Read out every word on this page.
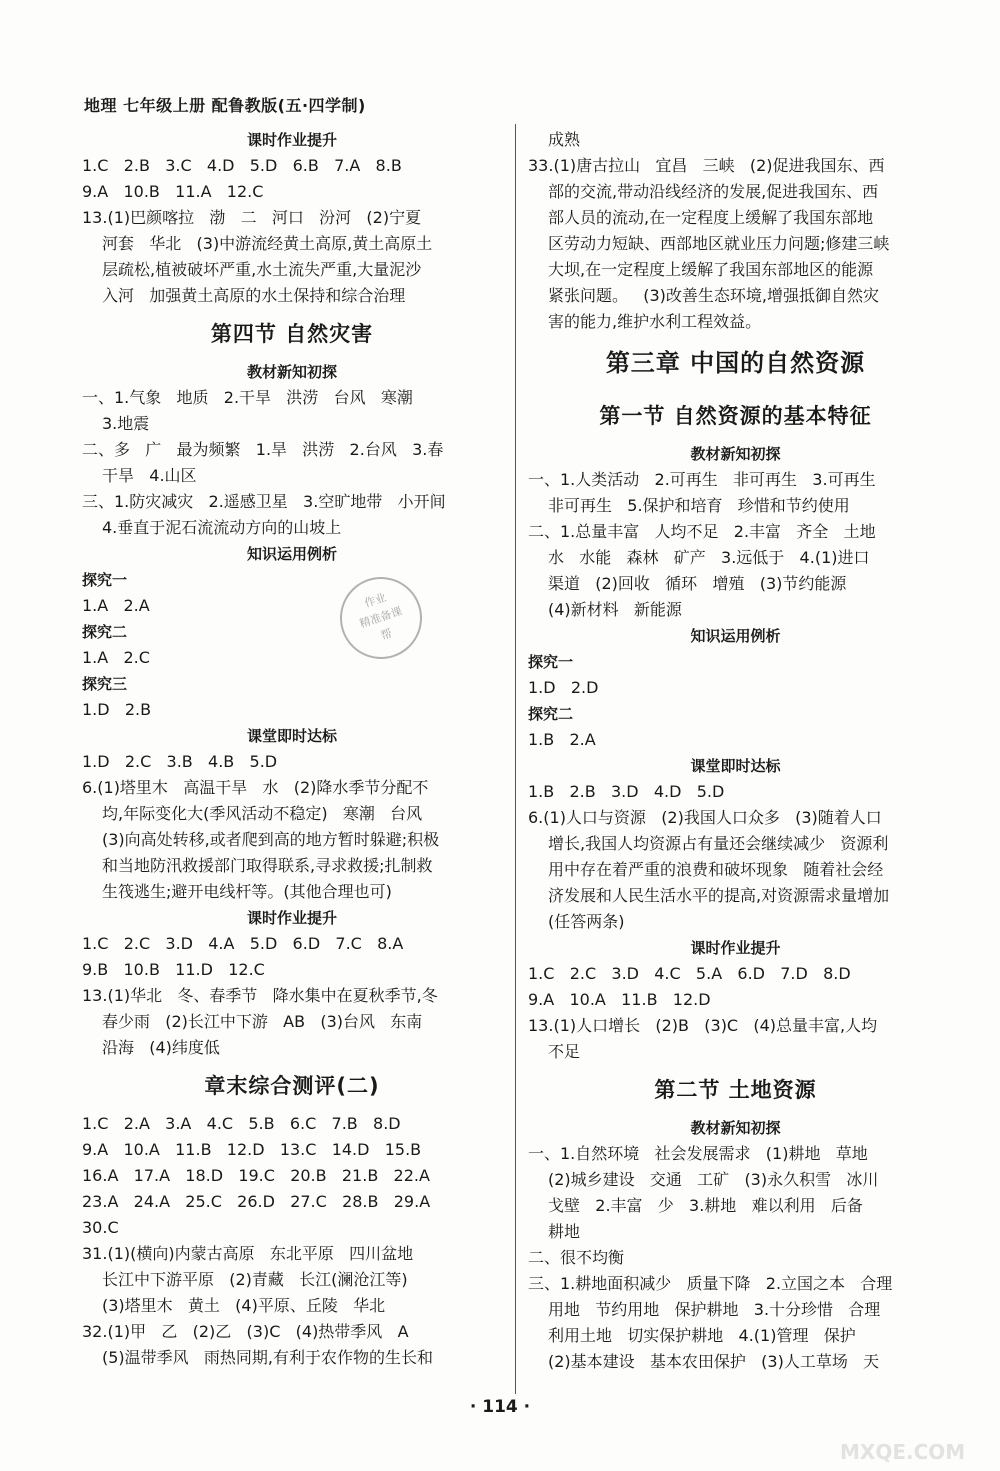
地理 七年级上册 配鲁教版(五·四学制)
课时作业提升
1.C   2.B   3.C   4.D   5.D   6.B   7.A   8.B
9.A   10.B   11.A   12.C
13.(1)巴颜喀拉   渤   二   河口   汾河   (2)宁夏
河套   华北   (3)中游流经黄土高原,黄土高原土
层疏松,植被破坏严重,水土流失严重,大量泥沙
入河   加强黄土高原的水土保持和综合治理
第四节 自然灾害
教材新知初探
一、1.气象   地质   2.干旱   洪涝   台风   寒潮
3.地震
二、多   广   最为频繁   1.旱   洪涝   2.台风   3.春
干旱   4.山区
三、1.防灾减灾   2.遥感卫星   3.空旷地带   小开间
4.垂直于泥石流流动方向的山坡上
知识运用例析
探究一
1.A   2.A
探究二
1.A   2.C
探究三
1.D   2.B
课堂即时达标
1.D   2.C   3.B   4.B   5.D
6.(1)塔里木   高温干旱   水   (2)降水季节分配不
均,年际变化大(季风活动不稳定)   寒潮   台风
(3)向高处转移,或者爬到高的地方暂时躲避;积极
和当地防汛救援部门取得联系,寻求救援;扎制救
生筏逃生;避开电线杆等。(其他合理也可)
课时作业提升
1.C   2.C   3.D   4.A   5.D   6.D   7.C   8.A
9.B   10.B   11.D   12.C
13.(1)华北   冬、春季节   降水集中在夏秋季节,冬
春少雨   (2)长江中下游   AB   (3)台风   东南
沿海   (4)纬度低
章末综合测评(二)
1.C   2.A   3.A   4.C   5.B   6.C   7.B   8.D
9.A   10.A   11.B   12.D   13.C   14.D   15.B
16.A   17.A   18.D   19.C   20.B   21.B   22.A
23.A   24.A   25.C   26.D   27.C   28.B   29.A
30.C
31.(1)(横向)内蒙古高原   东北平原   四川盆地
长江中下游平原   (2)青藏   长江(澜沧江等)
(3)塔里木   黄土   (4)平原、丘陵   华北
32.(1)甲   乙   (2)乙   (3)C   (4)热带季风   A
(5)温带季风   雨热同期,有利于农作物的生长和
成熟
33.(1)唐古拉山   宜昌   三峡   (2)促进我国东、西
部的交流,带动沿线经济的发展,促进我国东、西
部人员的流动,在一定程度上缓解了我国东部地
区劳动力短缺、西部地区就业压力问题;修建三峡
大坝,在一定程度上缓解了我国东部地区的能源
紧张问题。   (3)改善生态环境,增强抵御自然灾
害的能力,维护水利工程效益。
第三章 中国的自然资源
第一节 自然资源的基本特征
教材新知初探
一、1.人类活动   2.可再生   非可再生   3.可再生
非可再生   5.保护和培育   珍惜和节约使用
二、1.总量丰富   人均不足   2.丰富   齐全   土地
水   水能   森林   矿产   3.远低于   4.(1)进口
渠道   (2)回收   循环   增殖   (3)节约能源
(4)新材料   新能源
知识运用例析
探究一
1.D   2.D
探究二
1.B   2.A
课堂即时达标
1.B   2.B   3.D   4.D   5.D
6.(1)人口与资源   (2)我国人口众多   (3)随着人口
增长,我国人均资源占有量还会继续减少   资源利
用中存在着严重的浪费和破坏现象   随着社会经
济发展和人民生活水平的提高,对资源需求量增加
(任答两条)
课时作业提升
1.C   2.C   3.D   4.C   5.A   6.D   7.D   8.D
9.A   10.A   11.B   12.D
13.(1)人口增长   (2)B   (3)C   (4)总量丰富,人均
不足
第二节 土地资源
教材新知初探
一、1.自然环境   社会发展需求   (1)耕地   草地
(2)城乡建设   交通   工矿   (3)永久积雪   冰川
戈壁   2.丰富   少   3.耕地   难以利用   后备
耕地
二、很不均衡
三、1.耕地面积减少   质量下降   2.立国之本   合理
用地   节约用地   保护耕地   3.十分珍惜   合理
利用土地   切实保护耕地   4.(1)管理   保护
(2)基本建设   基本农田保护   (3)人工草场   天
作业
精准备课
帮
MXQE.COM
· 114 ·
